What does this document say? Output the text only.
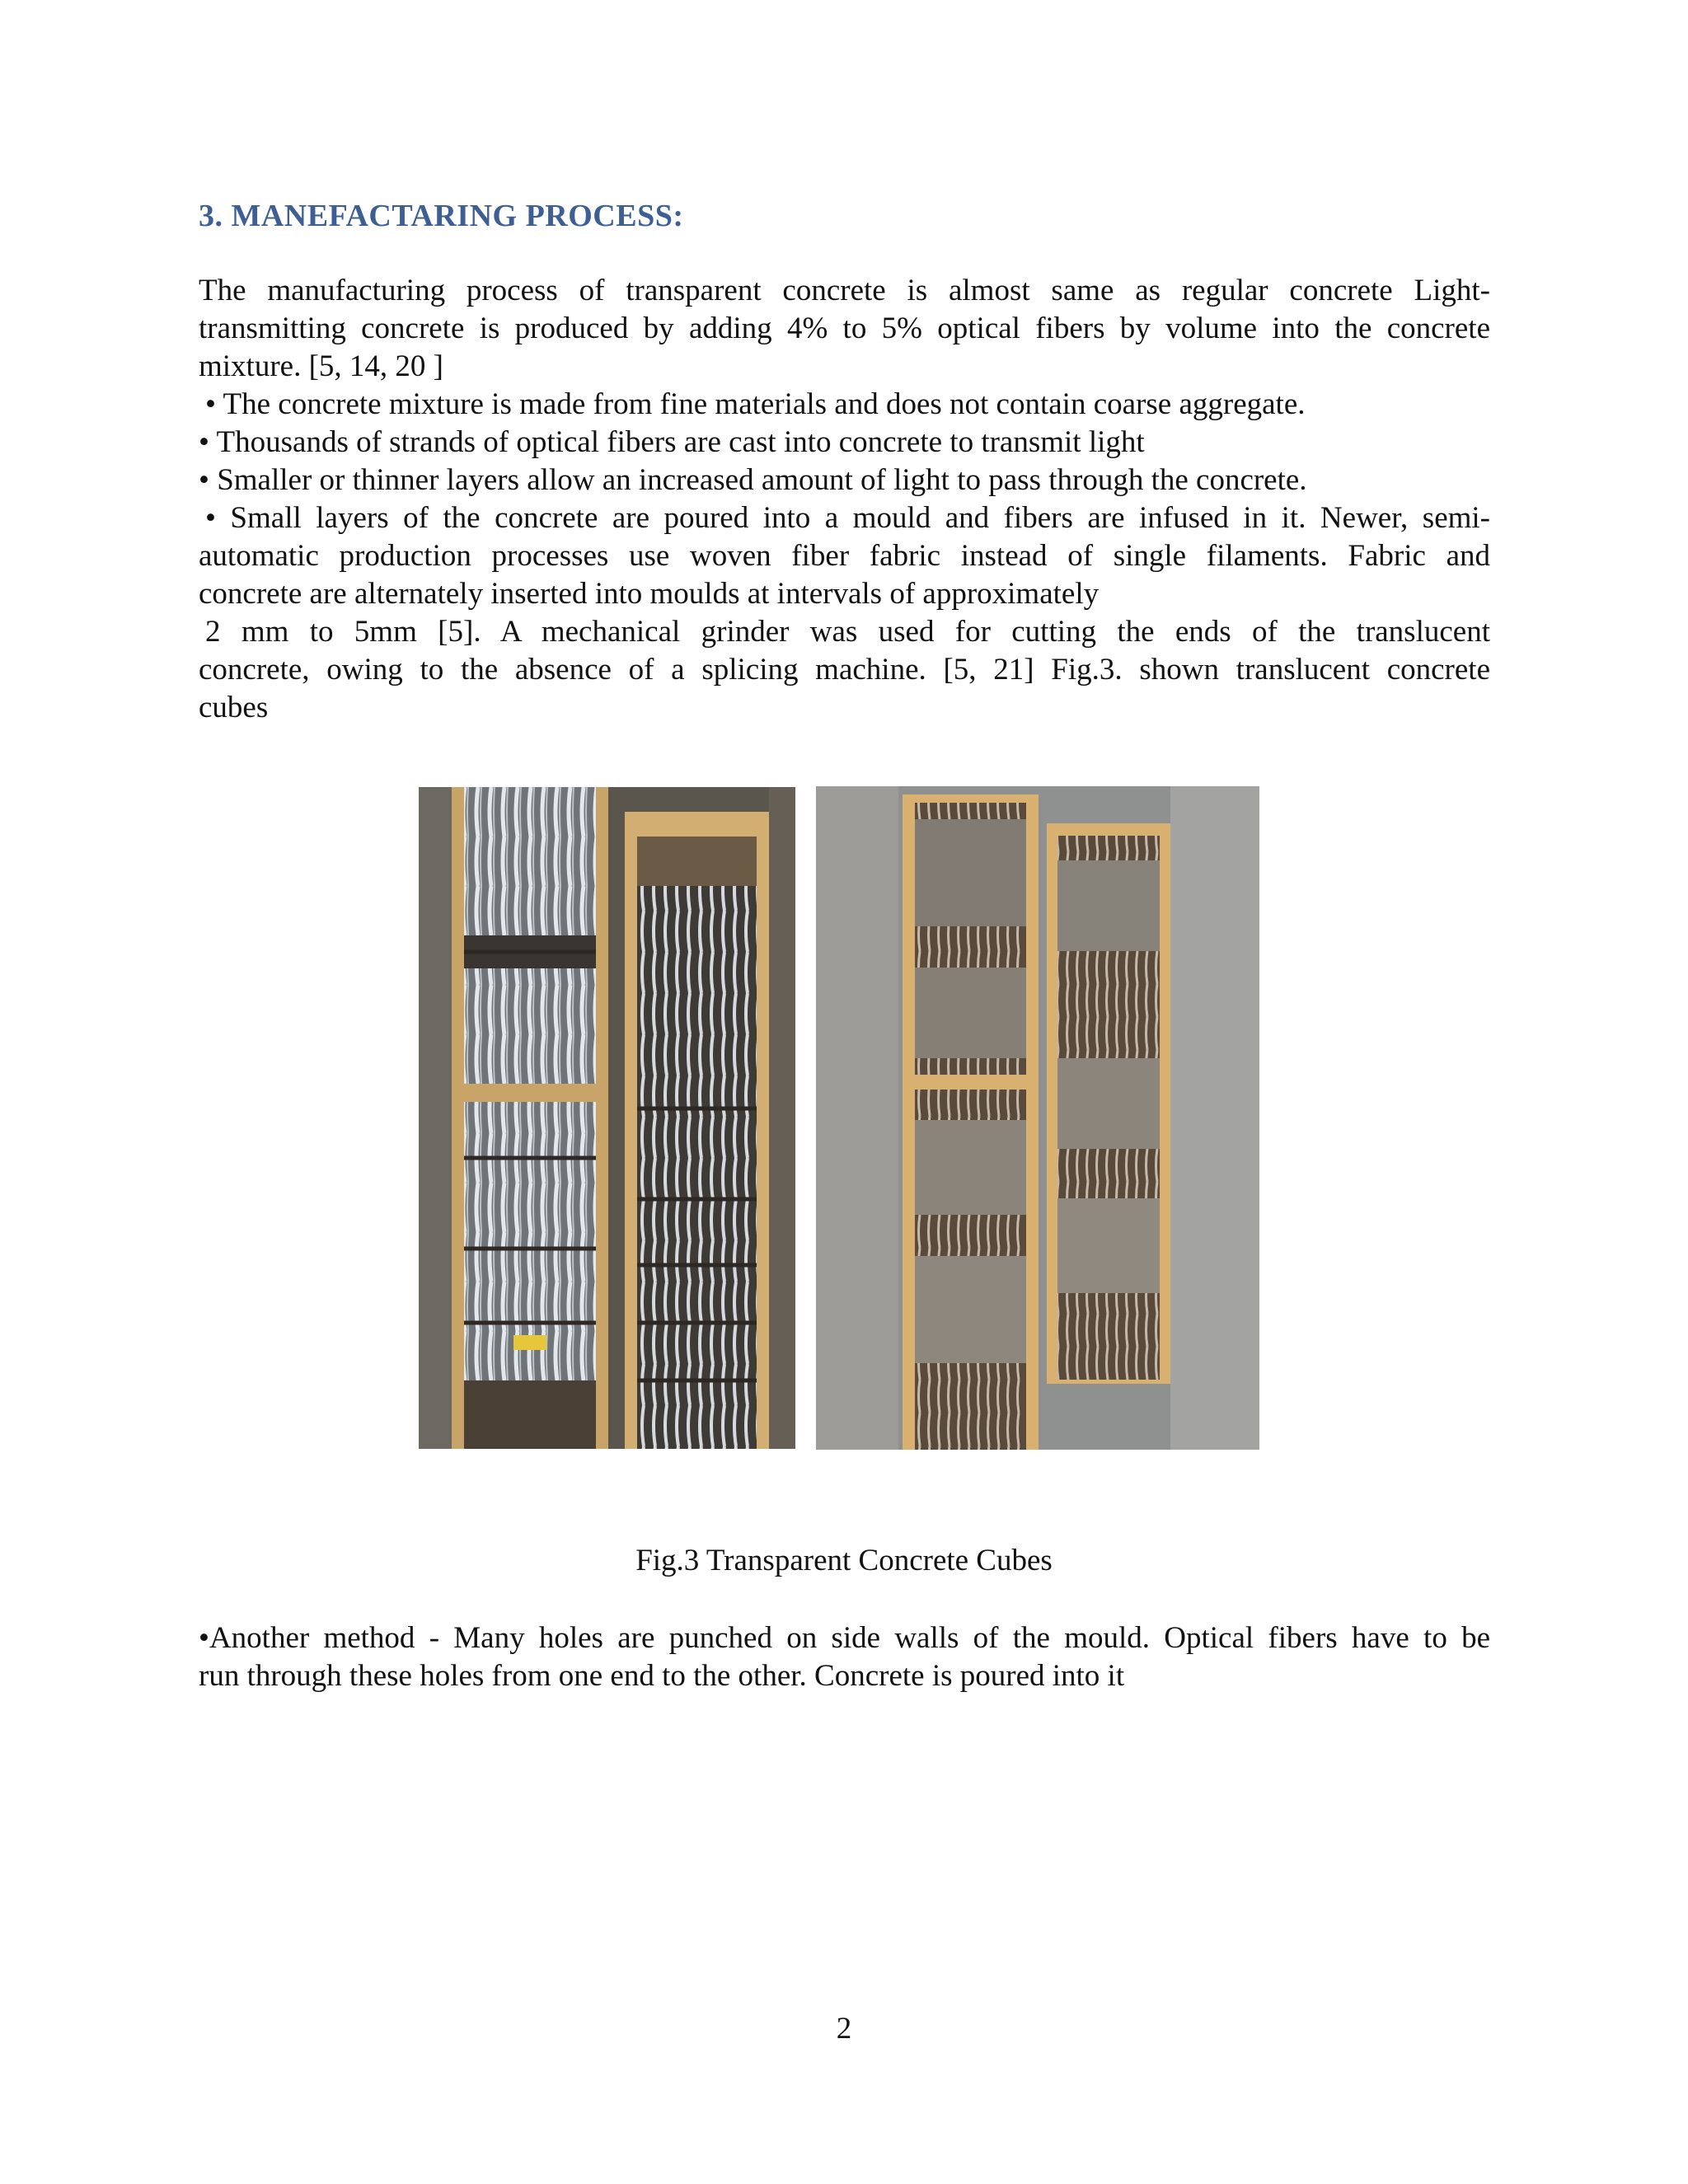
3. MANEFACTARING PROCESS:
The manufacturing process of transparent concrete is almost same as regular concrete Light-
transmitting concrete is produced by adding 4% to 5% optical fibers by volume into the concrete
mixture. [5, 14, 20 ]
• The concrete mixture is made from fine materials and does not contain coarse aggregate.
• Thousands of strands of optical fibers are cast into concrete to transmit light
• Smaller or thinner layers allow an increased amount of light to pass through the concrete.
• Small layers of the concrete are poured into a mould and fibers are infused in it. Newer, semi-
automatic production processes use woven fiber fabric instead of single filaments. Fabric and
concrete are alternately inserted into moulds at intervals of approximately
2 mm to 5mm [5]. A mechanical grinder was used for cutting the ends of the translucent
concrete, owing to the absence of a splicing machine. [5, 21] Fig.3. shown translucent concrete
cubes
Fig.3 Transparent Concrete Cubes
•Another method - Many holes are punched on side walls of the mould. Optical fibers have to be
run through these holes from one end to the other. Concrete is poured into it
2
